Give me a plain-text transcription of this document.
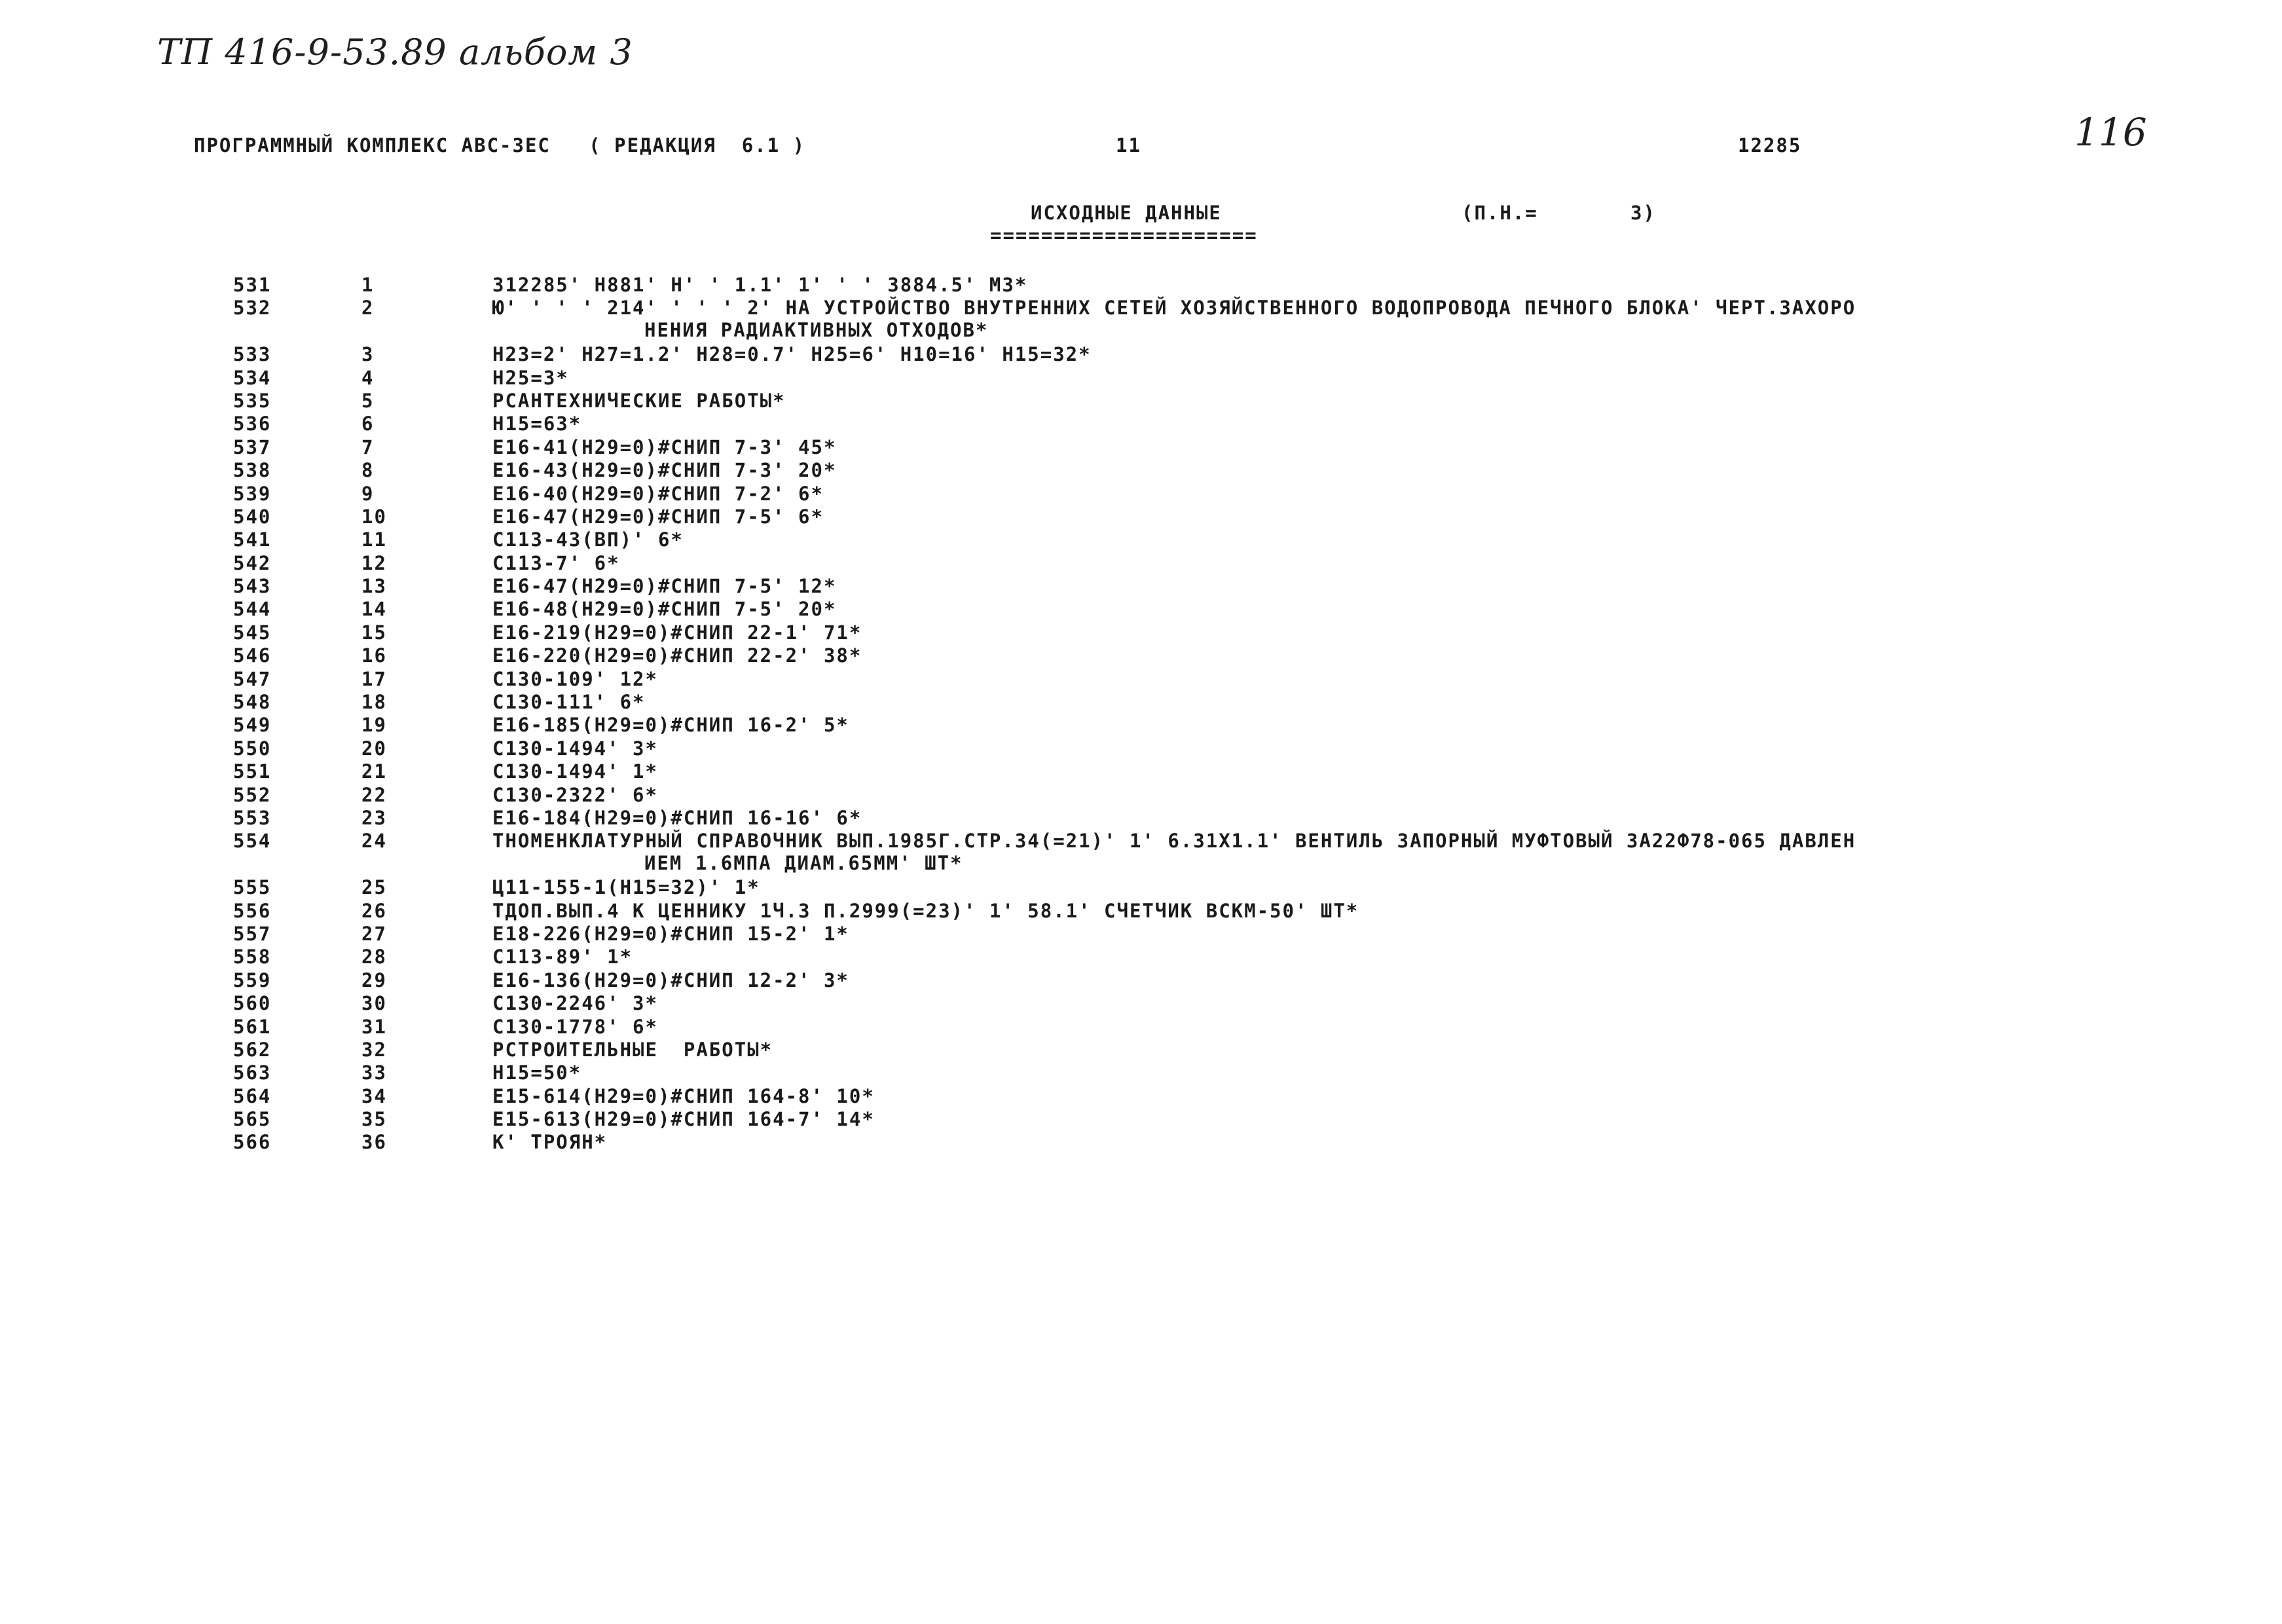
ТП 416-9-53.89 альбом 3
116
ПРОГРАММНЫЙ КОМПЛЕКС АВС-3ЕС   ( РЕДАКЦИЯ  6.1 )	11	12285
ИСХОДНЫЕ ДАННЫЕ
=====================
(П.Н.=	3)
531	1	312285' Н881' Н' ' 1.1' 1' ' ' 3884.5' М3*
532	2	Ю' ' ' ' 214' ' ' ' 2' НА УСТРОЙСТВО ВНУТРЕННИХ СЕТЕЙ ХОЗЯЙСТВЕННОГО ВОДОПРОВОДА ПЕЧНОГО БЛОКА' ЧЕРТ.ЗАХОРО
НЕНИЯ РАДИАКТИВНЫХ ОТХОДОВ*
533	3	Н23=2' Н27=1.2' Н28=0.7' Н25=6' Н10=16' Н15=32*
534	4	Н25=3*
535	5	РСАНТЕХНИЧЕСКИЕ РАБОТЫ*
536	6	Н15=63*
537	7	Е16-41(Н29=0)#СНИП 7-3' 45*
538	8	Е16-43(Н29=0)#СНИП 7-3' 20*
539	9	Е16-40(Н29=0)#СНИП 7-2' 6*
540	10	Е16-47(Н29=0)#СНИП 7-5' 6*
541	11	С113-43(ВП)' 6*
542	12	С113-7' 6*
543	13	Е16-47(Н29=0)#СНИП 7-5' 12*
544	14	Е16-48(Н29=0)#СНИП 7-5' 20*
545	15	Е16-219(Н29=0)#СНИП 22-1' 71*
546	16	Е16-220(Н29=0)#СНИП 22-2' 38*
547	17	С130-109' 12*
548	18	С130-111' 6*
549	19	Е16-185(Н29=0)#СНИП 16-2' 5*
550	20	С130-1494' 3*
551	21	С130-1494' 1*
552	22	С130-2322' 6*
553	23	Е16-184(Н29=0)#СНИП 16-16' 6*
554	24	ТНОМЕНКЛАТУРНЫЙ СПРАВОЧНИК ВЫП.1985Г.СТР.34(=21)' 1' 6.31Х1.1' ВЕНТИЛЬ ЗАПОРНЫЙ МУФТОВЫЙ 3А22Ф78-065 ДАВЛЕН
ИЕМ 1.6МПА ДИАМ.65ММ' ШТ*
555	25	Ц11-155-1(Н15=32)' 1*
556	26	ТДОП.ВЫП.4 К ЦЕННИКУ 1Ч.3 П.2999(=23)' 1' 58.1' СЧЕТЧИК ВСКМ-50' ШТ*
557	27	Е18-226(Н29=0)#СНИП 15-2' 1*
558	28	С113-89' 1*
559	29	Е16-136(Н29=0)#СНИП 12-2' 3*
560	30	С130-2246' 3*
561	31	С130-1778' 6*
562	32	РСТРОИТЕЛЬНЫЕ  РАБОТЫ*
563	33	Н15=50*
564	34	Е15-614(Н29=0)#СНИП 164-8' 10*
565	35	Е15-613(Н29=0)#СНИП 164-7' 14*
566	36	К' ТРОЯН*
